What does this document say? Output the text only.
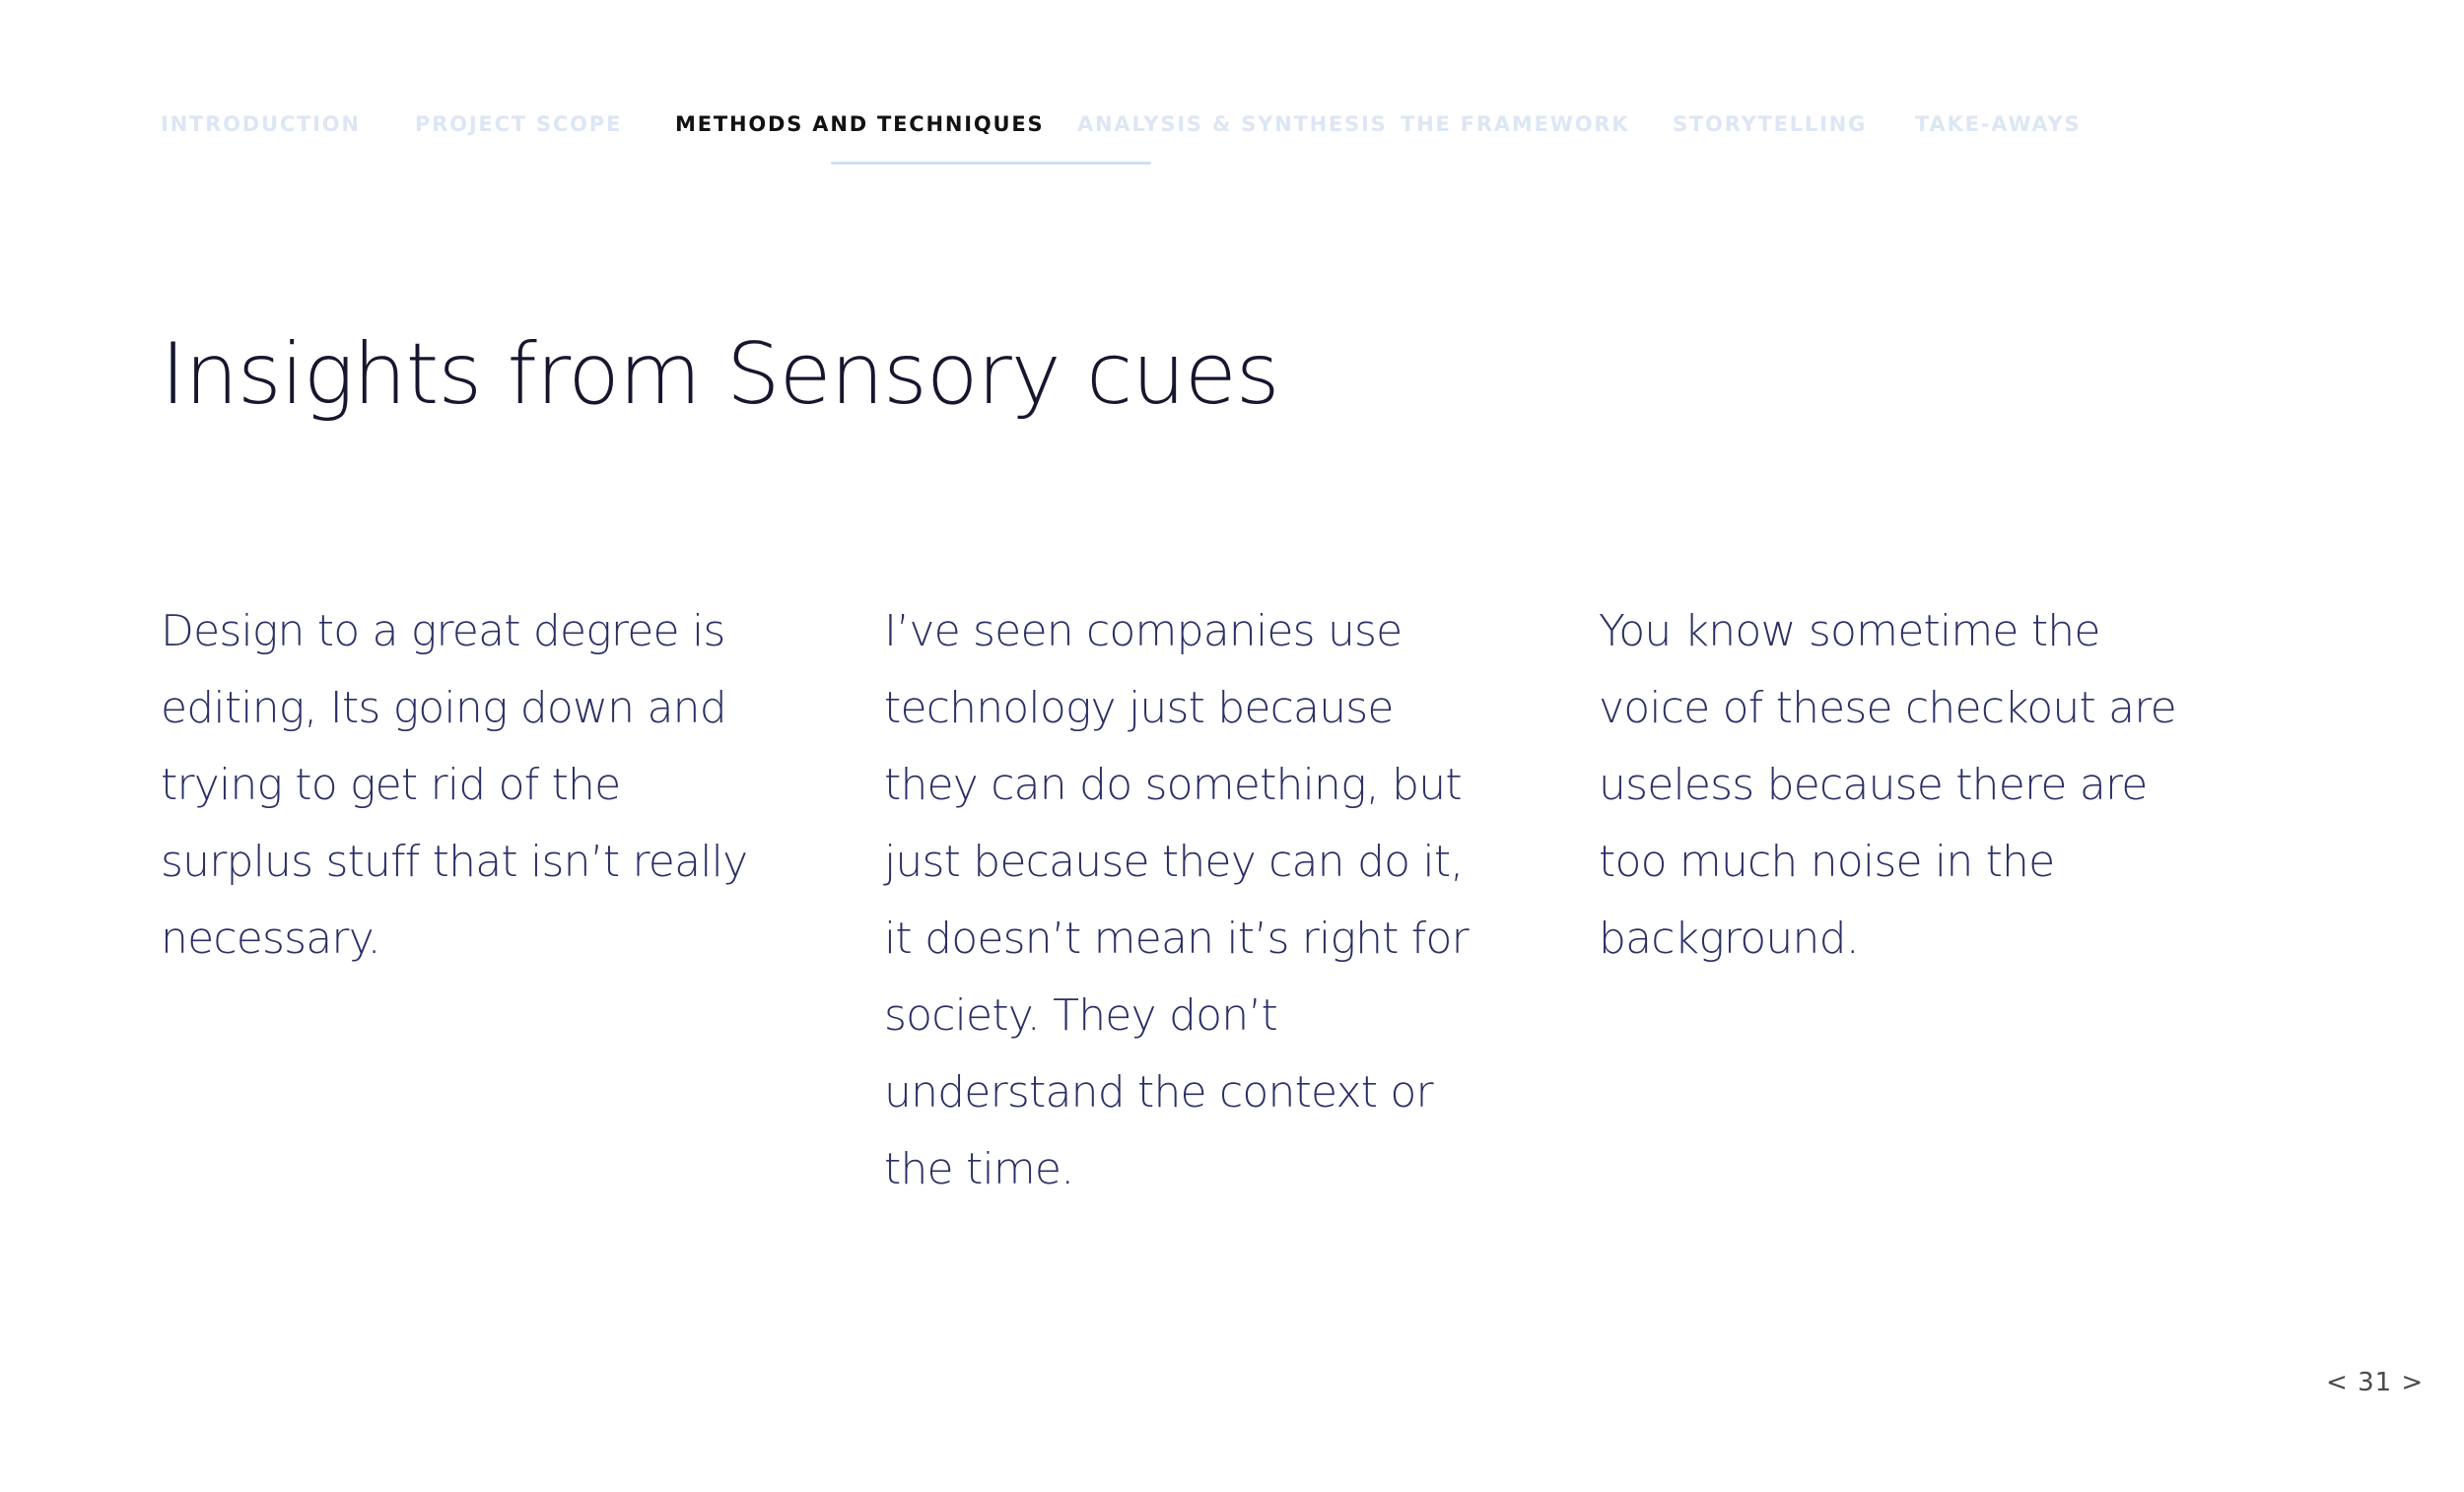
INTRODUCTION	PROJECT SCOPE	METHODS AND TECHNIQUES ANALYSIS & SYNTHESIS THE FRAMEWORK STORYTELLING TAKE-AWAYS
Insights from Sensory cues

Design to a great degree is editing, Its going down and trying to get rid of the surplus stuff that isn’t really necessary.

I’ve seen companies use technology just because they can do something, but just because they can do it, it doesn’t mean it’s right for society. They don’t understand the context or the time.

You know sometime the voice of these checkout are useless because there are too much noise in the background.

< 31 >
